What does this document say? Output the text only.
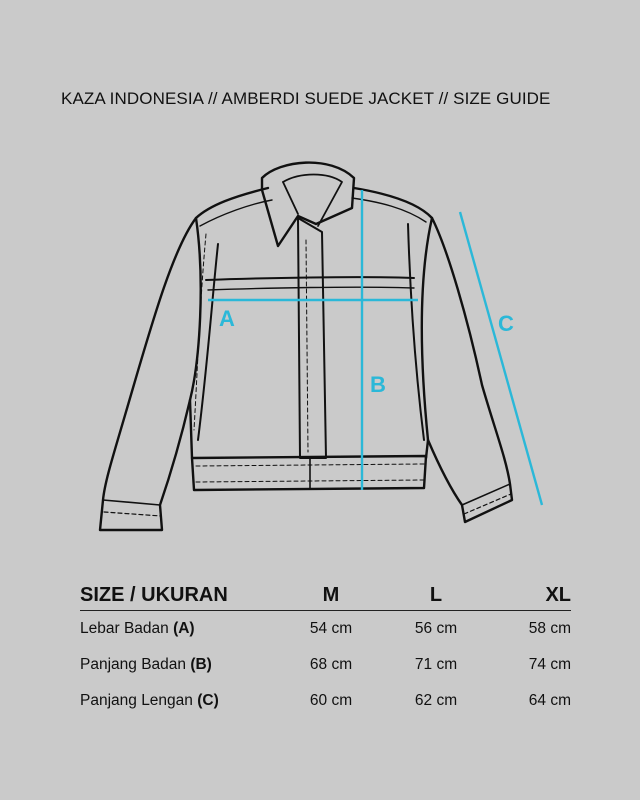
KAZA INDONESIA // AMBERDI SUEDE JACKET // SIZE GUIDE
A
B
C
SIZE / UKURAN	M	L	XL
Lebar Badan (A)	54 cm	56 cm	58 cm
Panjang Badan (B)	68 cm	71 cm	74 cm
Panjang Lengan (C)	60 cm	62 cm	64 cm
